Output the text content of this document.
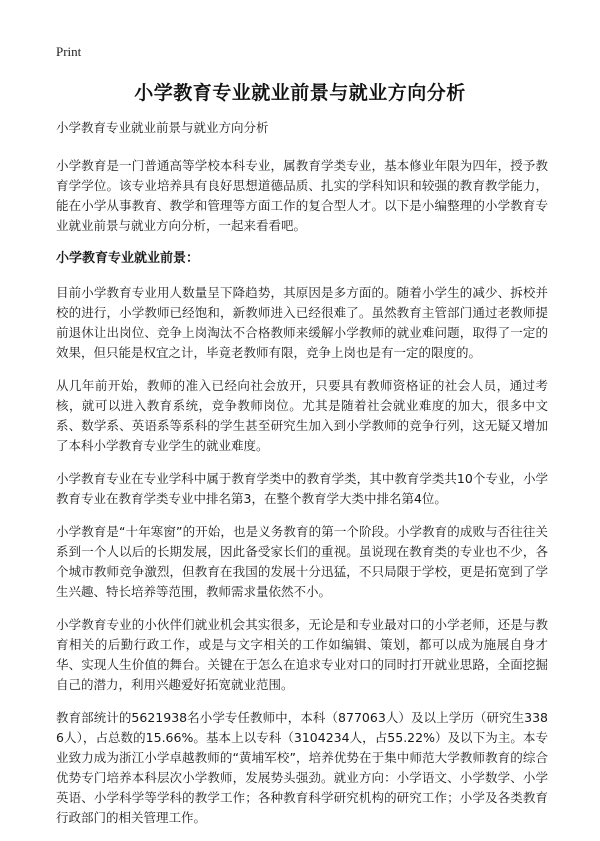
Print
小学教育专业就业前景与就业方向分析
小学教育专业就业前景与就业方向分析

小学教育是一门普通高等学校本科专业，属教育学类专业，基本修业年限为四年，授予教育学学位。该专业培养具有良好思想道德品质、扎实的学科知识和较强的教育教学能力，能在小学从事教育、教学和管理等方面工作的复合型人才。以下是小编整理的小学教育专业就业前景与就业方向分析，一起来看看吧。

小学教育专业就业前景：

目前小学教育专业用人数量呈下降趋势，其原因是多方面的。随着小学生的减少、拆校并校的进行，小学教师已经饱和，新教师进入已经很难了。虽然教育主管部门通过老教师提前退休让出岗位、竞争上岗淘汰不合格教师来缓解小学教师的就业难问题，取得了一定的效果，但只能是权宜之计，毕竟老教师有限，竞争上岗也是有一定的限度的。

从几年前开始，教师的准入已经向社会放开，只要具有教师资格证的社会人员，通过考核，就可以进入教育系统，竞争教师岗位。尤其是随着社会就业难度的加大，很多中文系、数学系、英语系等系科的学生甚至研究生加入到小学教师的竞争行列，这无疑又增加了本科小学教育专业学生的就业难度。

小学教育专业在专业学科中属于教育学类中的教育学类，其中教育学类共10个专业，小学教育专业在教育学类专业中排名第3，在整个教育学大类中排名第4位。

小学教育是“十年寒窗”的开始，也是义务教育的第一个阶段。小学教育的成败与否往往关系到一个人以后的长期发展，因此备受家长们的重视。虽说现在教育类的专业也不少，各个城市教师竞争激烈，但教育在我国的发展十分迅猛，不只局限于学校，更是拓宽到了学生兴趣、特长培养等范围，教师需求量依然不小。

小学教育专业的小伙伴们就业机会其实很多，无论是和专业最对口的小学老师，还是与教育相关的后勤行政工作，或是与文字相关的工作如编辑、策划，都可以成为施展自身才华、实现人生价值的舞台。关键在于怎么在追求专业对口的同时打开就业思路，全面挖掘自己的潜力，利用兴趣爱好拓宽就业范围。

教育部统计的5621938名小学专任教师中，本科（877063人）及以上学历（研究生3386人），占总数的15.66%。基本上以专科（3104234人，占55.22%）及以下为主。本专业致力成为浙江小学卓越教师的“黄埔军校”，培养优势在于集中师范大学教师教育的综合优势专门培养本科层次小学教师，发展势头强劲。就业方向：小学语文、小学数学、小学英语、小学科学等学科的教学工作；各种教育科学研究机构的研究工作；小学及各类教育行政部门的相关管理工作。
